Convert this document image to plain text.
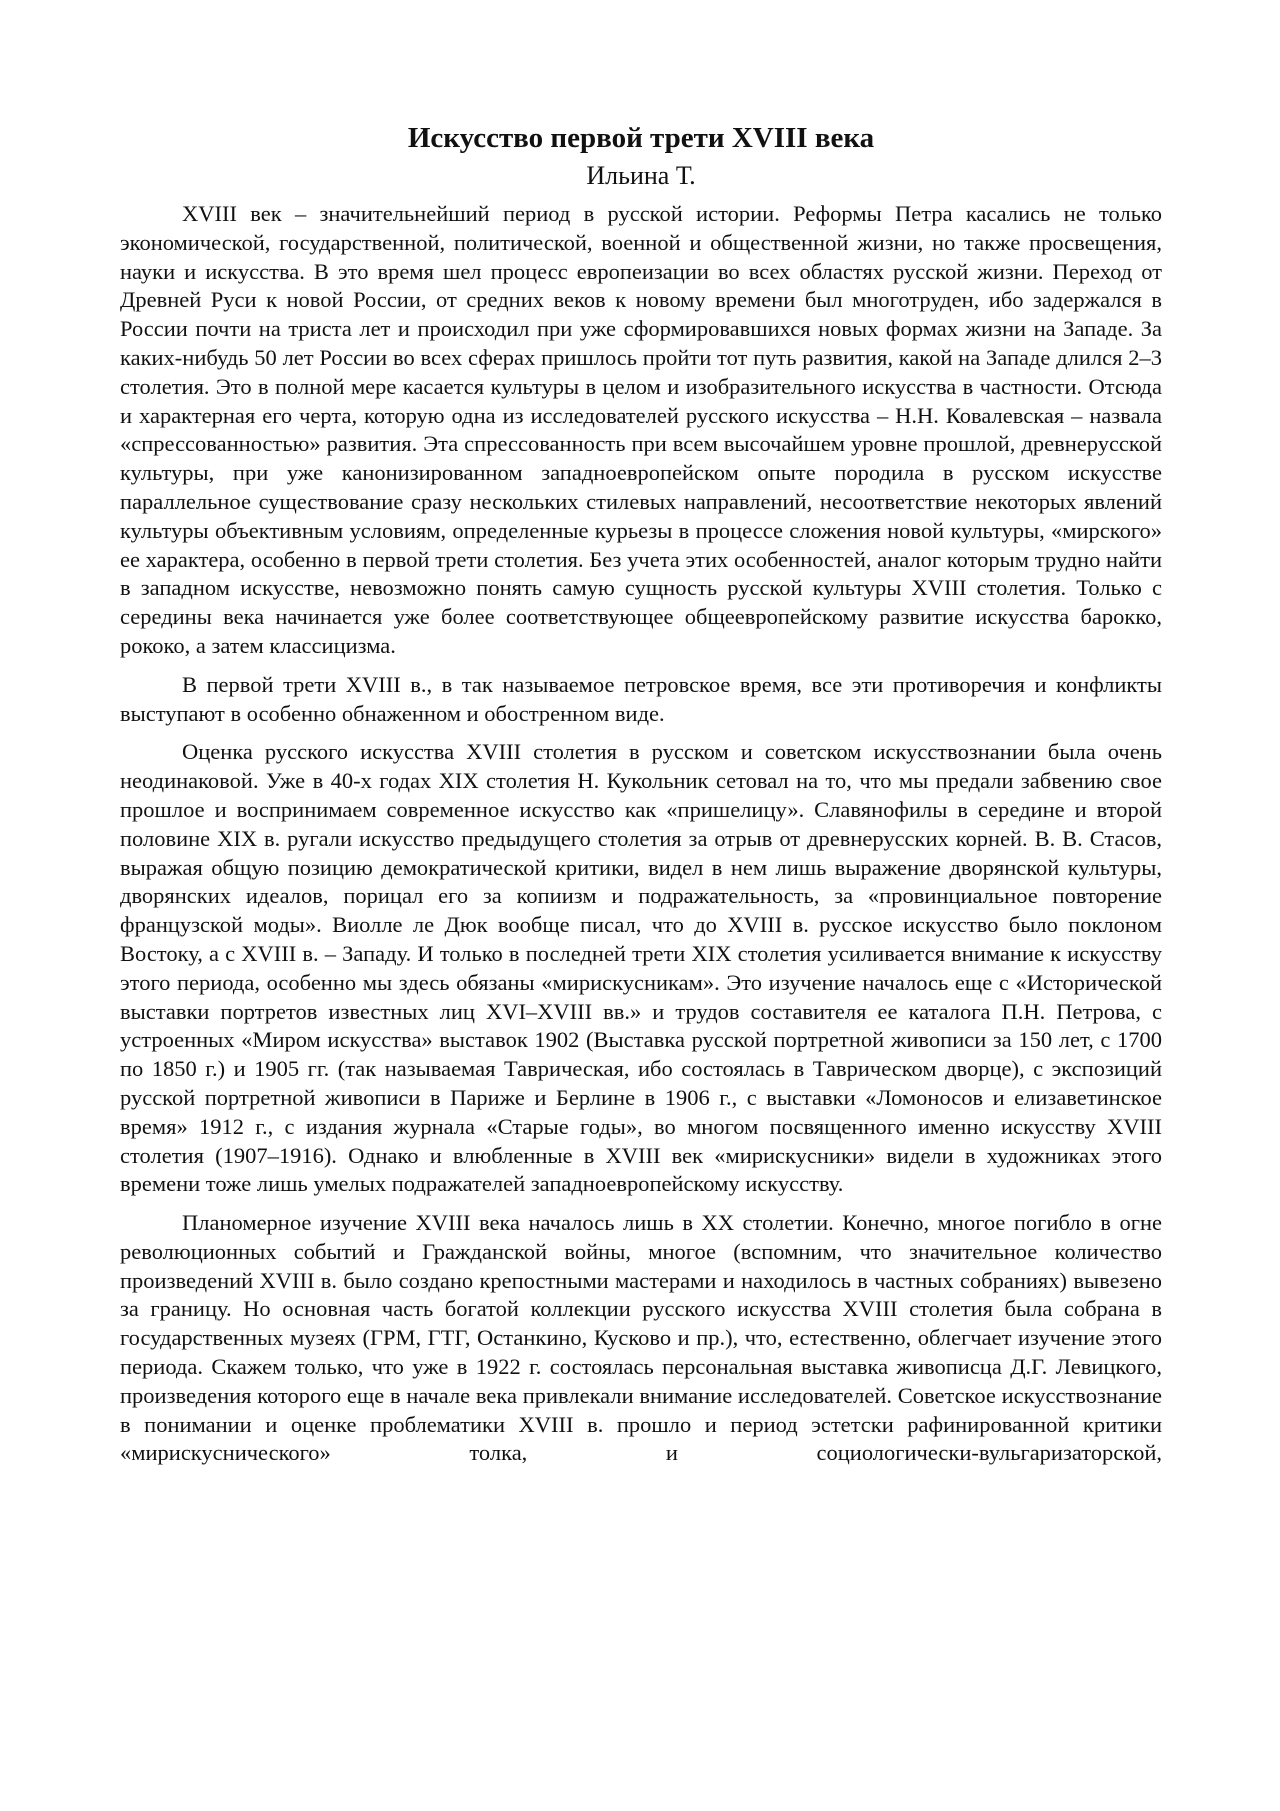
Искусство первой трети XVIII века
Ильина Т.

XVIII век – значительнейший период в русской истории. Реформы Петра касались не только экономической, государственной, политической, военной и общественной жизни, но также просвещения, науки и искусства. В это время шел процесс европеизации во всех областях русской жизни. Переход от Древней Руси к новой России, от средних веков к новому времени был многотруден, ибо задержался в России почти на триста лет и происходил при уже сформировавшихся новых формах жизни на Западе. За каких-нибудь 50 лет России во всех сферах пришлось пройти тот путь развития, какой на Западе длился 2–3 столетия. Это в полной мере касается культуры в целом и изобразительного искусства в частности. Отсюда и характерная его черта, которую одна из исследователей русского искусства – Н.Н. Ковалевская – назвала «спрессованностью» развития. Эта спрессованность при всем высочайшем уровне прошлой, древнерусской культуры, при уже канонизированном западноевропейском опыте породила в русском искусстве параллельное существование сразу нескольких стилевых направлений, несоответствие некоторых явлений культуры объективным условиям, определенные курьезы в процессе сложения новой культуры, «мирского» ее характера, особенно в первой трети столетия. Без учета этих особенностей, аналог которым трудно найти в западном искусстве, невозможно понять самую сущность русской культуры XVIII столетия. Только с середины века начинается уже более соответствующее общеевропейскому развитие искусства барокко, рококо, а затем классицизма.

В первой трети XVIII в., в так называемое петровское время, все эти противоречия и конфликты выступают в особенно обнаженном и обостренном виде.

Оценка русского искусства XVIII столетия в русском и советском искусствознании была очень неодинаковой. Уже в 40-х годах XIX столетия Н. Кукольник сетовал на то, что мы предали забвению свое прошлое и воспринимаем современное искусство как «пришелицу». Славянофилы в середине и второй половине XIX в. ругали искусство предыдущего столетия за отрыв от древнерусских корней. В. В. Стасов, выражая общую позицию демократической критики, видел в нем лишь выражение дворянской культуры, дворянских идеалов, порицал его за копиизм и подражательность, за «провинциальное повторение французской моды». Виолле ле Дюк вообще писал, что до XVIII в. русское искусство было поклоном Востоку, а с XVIII в. – Западу. И только в последней трети XIX столетия усиливается внимание к искусству этого периода, особенно мы здесь обязаны «мирискусникам». Это изучение началось еще с «Исторической выставки портретов известных лиц XVI–XVIII вв.» и трудов составителя ее каталога П.Н. Петрова, с устроенных «Миром искусства» выставок 1902 (Выставка русской портретной живописи за 150 лет, с 1700 по 1850 г.) и 1905 гг. (так называемая Таврическая, ибо состоялась в Таврическом дворце), с экспозиций русской портретной живописи в Париже и Берлине в 1906 г., с выставки «Ломоносов и елизаветинское время» 1912 г., с издания журнала «Старые годы», во многом посвященного именно искусству XVIII столетия (1907–1916). Однако и влюбленные в XVIII век «мирискусники» видели в художниках этого времени тоже лишь умелых подражателей западноевропейскому искусству.

Планомерное изучение XVIII века началось лишь в XX столетии. Конечно, многое погибло в огне революционных событий и Гражданской войны, многое (вспомним, что значительное количество произведений XVIII в. было создано крепостными мастерами и находилось в частных собраниях) вывезено за границу. Но основная часть богатой коллекции русского искусства XVIII столетия была собрана в государственных музеях (ГРМ, ГТГ, Останкино, Кусково и пр.), что, естественно, облегчает изучение этого периода. Скажем только, что уже в 1922 г. состоялась персональная выставка живописца Д.Г. Левицкого, произведения которого еще в начале века привлекали внимание исследователей. Советское искусствознание в понимании и оценке проблематики XVIII в. прошло и период эстетски рафинированной критики «мирискуснического» толка, и социологически-вульгаризаторской,
